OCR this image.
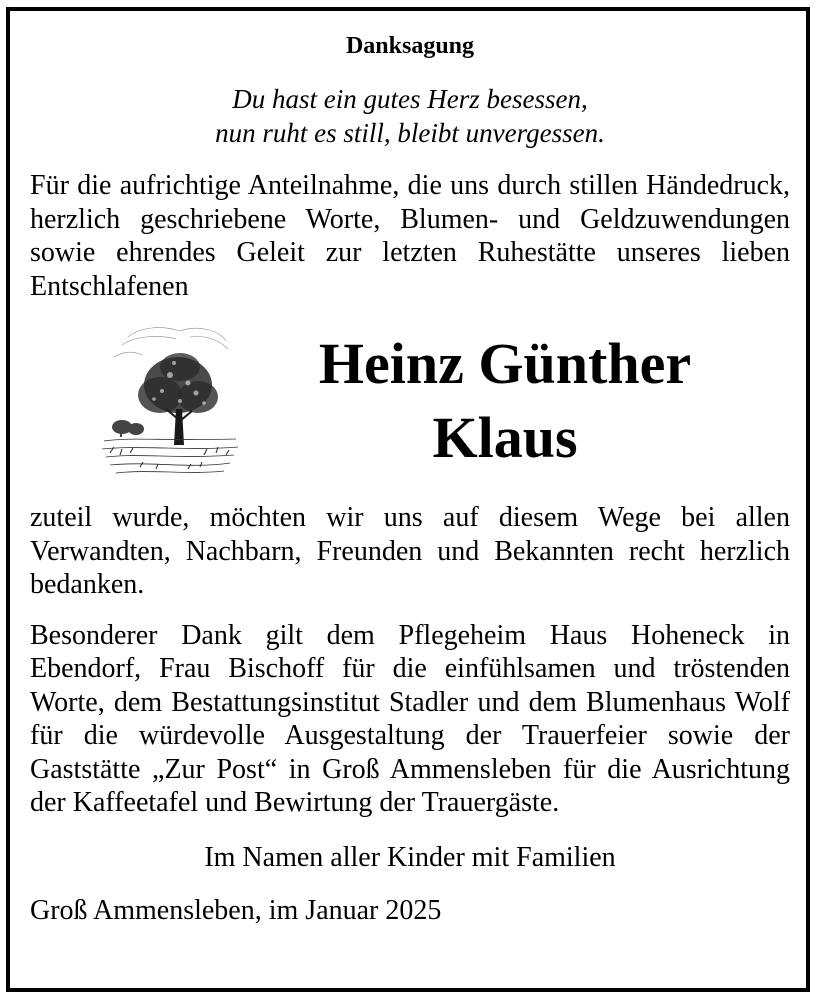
Danksagung

Du hast ein gutes Herz besessen,
nun ruht es still, bleibt unvergessen.

Für die aufrichtige Anteilnahme, die uns durch stillen Händedruck, herzlich geschriebene Worte, Blumen- und Geldzuwendungen sowie ehrendes Geleit zur letzten Ruhestätte unseres lieben Entschlafenen

Heinz Günther
Klaus

zuteil wurde, möchten wir uns auf diesem Wege bei allen Verwandten, Nachbarn, Freunden und Bekannten recht herzlich bedanken.

Besonderer Dank gilt dem Pflegeheim Haus Hoheneck in Ebendorf, Frau Bischoff für die einfühlsamen und tröstenden Worte, dem Bestattungsinstitut Stadler und dem Blumenhaus Wolf für die würdevolle Ausgestaltung der Trauerfeier sowie der Gaststätte „Zur Post“ in Groß Ammensleben für die Ausrichtung der Kaffeetafel und Bewirtung der Trauergäste.

Im Namen aller Kinder mit Familien

Groß Ammensleben, im Januar 2025
